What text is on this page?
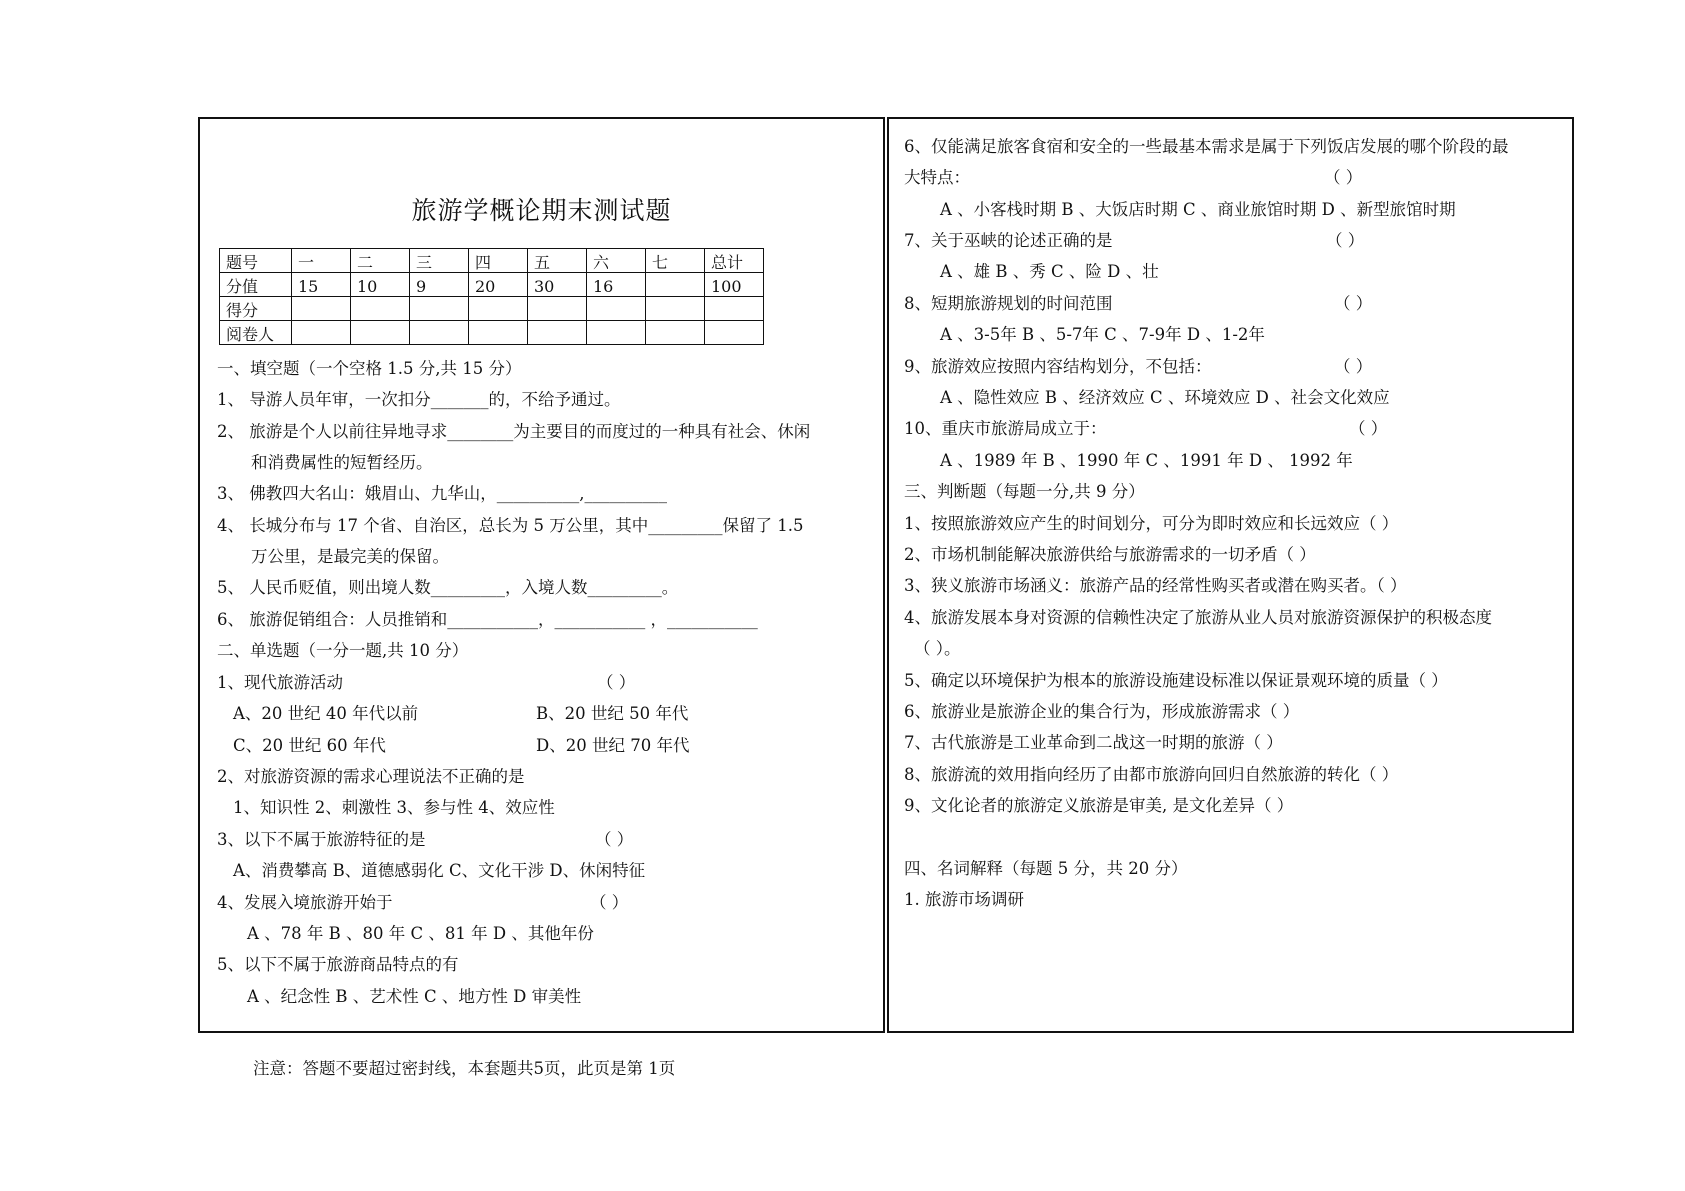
旅游学概论期末测试题
题号	一	二	三	四	五	六	七	总计
分值	15	10	9	20	30	16		100
得分								
阅卷人								
一、填空题（一个空格 1.5 分,共 15 分）
1、 导游人员年审，一次扣分_______的，不给予通过。
2、 旅游是个人以前往异地寻求________为主要目的而度过的一种具有社会、休闲
和消费属性的短暂经历。
3、 佛教四大名山：娥眉山、九华山，__________,__________
4、 长城分布与 17 个省、自治区，总长为 5 万公里，其中_________保留了 1.5
万公里，是最完美的保留。
5、 人民币贬值，则出境人数_________，入境人数_________。
6、 旅游促销组合：人员推销和___________，___________ ，___________
二、单选题（一分一题,共 10 分）
1、现代旅游活动	（ ）
A、20 世纪 40 年代以前	B、20 世纪 50 年代
C、20 世纪 60 年代	D、20 世纪 70 年代
2、对旅游资源的需求心理说法不正确的是
1、知识性 2、刺激性 3、参与性 4、效应性
3、以下不属于旅游特征的是	（ ）
A、消费攀高 B、道德感弱化 C、文化干涉 D、休闲特征
4、发展入境旅游开始于	（ ）
A 、78 年 B 、80 年 C 、81 年 D 、其他年份
5、以下不属于旅游商品特点的有
A 、纪念性 B 、艺术性 C 、地方性 D 审美性
6、仅能满足旅客食宿和安全的一些最基本需求是属于下列饭店发展的哪个阶段的最
大特点：	（ ）
A 、小客栈时期 B 、大饭店时期 C 、商业旅馆时期 D 、新型旅馆时期
7、关于巫峡的论述正确的是	（ ）
A 、雄 B 、秀 C 、险 D 、壮
8、短期旅游规划的时间范围	（ ）
A 、3-5年 B 、5-7年 C 、7-9年 D 、1-2年
9、旅游效应按照内容结构划分，不包括：	（ ）
A 、隐性效应 B 、经济效应 C 、环境效应 D 、社会文化效应
10、重庆市旅游局成立于：	（ ）
A 、1989 年 B 、1990 年 C 、1991 年 D 、 1992 年
三、判断题（每题一分,共 9 分）
1、按照旅游效应产生的时间划分，可分为即时效应和长远效应（ ）
2、市场机制能解决旅游供给与旅游需求的一切矛盾（ ）
3、狭义旅游市场涵义：旅游产品的经常性购买者或潜在购买者。（ ）
4、旅游发展本身对资源的信赖性决定了旅游从业人员对旅游资源保护的积极态度
（ ）。
5、确定以环境保护为根本的旅游设施建设标准以保证景观环境的质量（ ）
6、旅游业是旅游企业的集合行为，形成旅游需求（ ）
7、古代旅游是工业革命到二战这一时期的旅游（ ）
8、旅游流的效用指向经历了由都市旅游向回归自然旅游的转化（ ）
9、文化论者的旅游定义旅游是审美, 是文化差异（ ）
四、名词解释（每题 5 分，共 20 分）
1. 旅游市场调研
注意：答题不要超过密封线，本套题共5页，此页是第 1页
